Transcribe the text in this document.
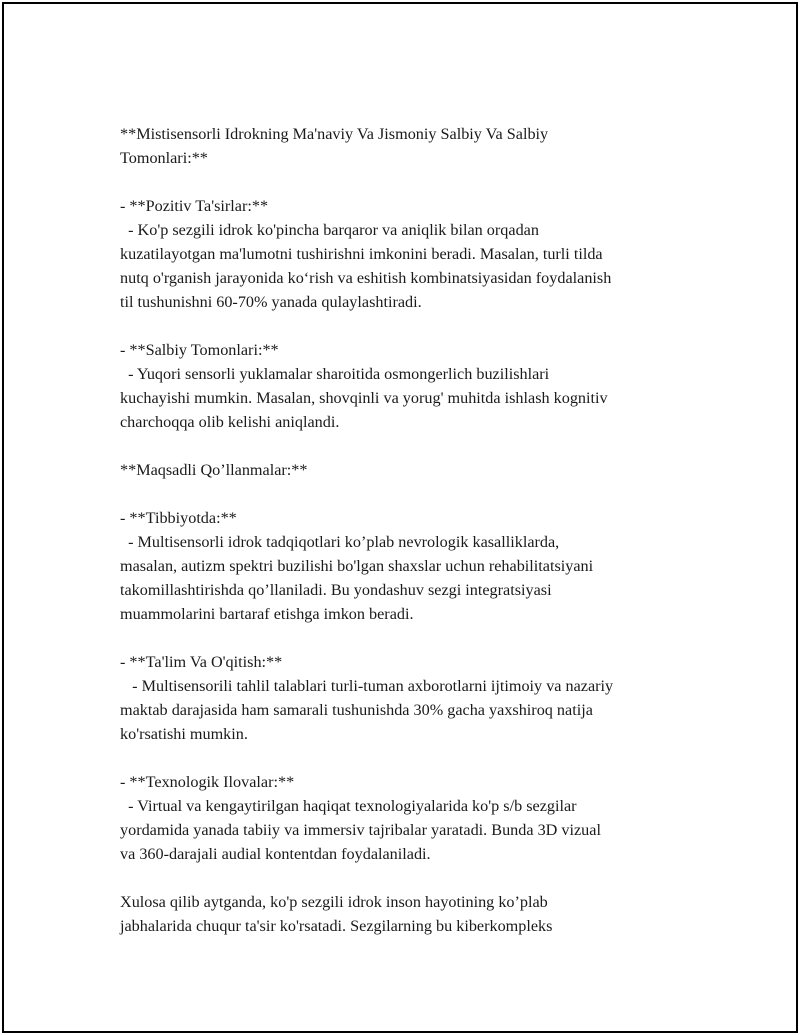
**Mistisensorli Idrokning Ma'naviy Va Jismoniy Salbiy Va Salbiy
Tomonlari:**
- **Pozitiv Ta'sirlar:**
- Ko'p sezgili idrok ko'pincha barqaror va aniqlik bilan orqadan
kuzatilayotgan ma'lumotni tushirishni imkonini beradi. Masalan, turli tilda
nutq o'rganish jarayonida ko‘rish va eshitish kombinatsiyasidan foydalanish
til tushunishni 60-70% yanada qulaylashtiradi.
- **Salbiy Tomonlari:**
- Yuqori sensorli yuklamalar sharoitida osmongerlich buzilishlari
kuchayishi mumkin. Masalan, shovqinli va yorug' muhitda ishlash kognitiv
charchoqqa olib kelishi aniqlandi.
**Maqsadli Qo’llanmalar:**
- **Tibbiyotda:**
- Multisensorli idrok tadqiqotlari ko’plab nevrologik kasalliklarda,
masalan, autizm spektri buzilishi bo'lgan shaxslar uchun rehabilitatsiyani
takomillashtirishda qo’llaniladi. Bu yondashuv sezgi integratsiyasi
muammolarini bartaraf etishga imkon beradi.
- **Ta'lim Va O'qitish:**
- Multisensorili tahlil talablari turli-tuman axborotlarni ijtimoiy va nazariy
maktab darajasida ham samarali tushunishda 30% gacha yaxshiroq natija
ko'rsatishi mumkin.
- **Texnologik Ilovalar:**
- Virtual va kengaytirilgan haqiqat texnologiyalarida ko'p s/b sezgilar
yordamida yanada tabiiy va immersiv tajribalar yaratadi. Bunda 3D vizual
va 360-darajali audial kontentdan foydalaniladi.
Xulosa qilib aytganda, ko'p sezgili idrok inson hayotining ko’plab
jabhalarida chuqur ta'sir ko'rsatadi. Sezgilarning bu kiberkompleks
